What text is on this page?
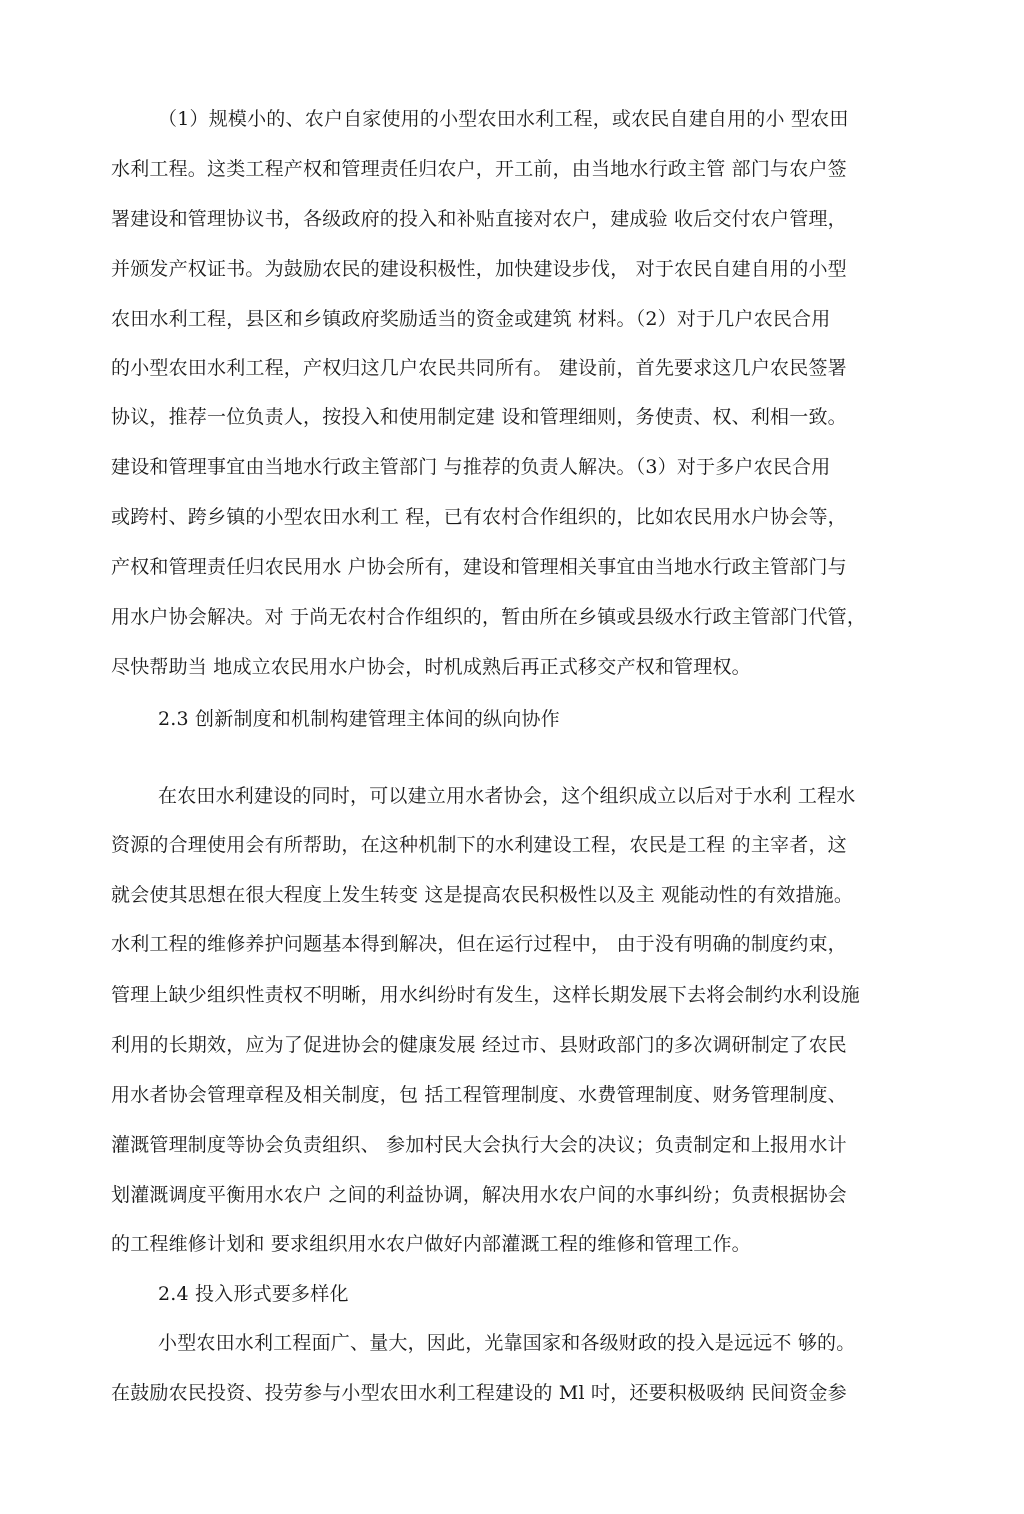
（1）规模小的、农户自家使用的小型农田水利工程，或农民自建自用的小 型农田
水利工程。这类工程产权和管理责任归农户，开工前，由当地水行政主管 部门与农户签
署建设和管理协议书，各级政府的投入和补贴直接对农户，建成验 收后交付农户管理，
并颁发产权证书。为鼓励农民的建设积极性，加快建设步伐， 对于农民自建自用的小型
农田水利工程，县区和乡镇政府奖励适当的资金或建筑 材料。（2）对于几户农民合用
的小型农田水利工程，产权归这几户农民共同所有。 建设前，首先要求这几户农民签署
协议，推荐一位负责人，按投入和使用制定建 设和管理细则，务使责、权、利相一致。
建设和管理事宜由当地水行政主管部门 与推荐的负责人解决。（3）对于多户农民合用
或跨村、跨乡镇的小型农田水利工 程，已有农村合作组织的，比如农民用水户协会等，
产权和管理责任归农民用水 户协会所有，建设和管理相关事宜由当地水行政主管部门与
用水户协会解决。对 于尚无农村合作组织的，暂由所在乡镇或县级水行政主管部门代管，
尽快帮助当 地成立农民用水户协会，时机成熟后再正式移交产权和管理权。
2.3 创新制度和机制构建管理主体间的纵向协作
在农田水利建设的同时，可以建立用水者协会，这个组织成立以后对于水利 工程水
资源的合理使用会有所帮助，在这种机制下的水利建设工程，农民是工程 的主宰者，这
就会使其思想在很大程度上发生转变 这是提高农民积极性以及主 观能动性的有效措施。
水利工程的维修养护问题基本得到解决，但在运行过程中， 由于没有明确的制度约束，
管理上缺少组织性责权不明晰，用水纠纷时有发生，这样长期发展下去将会制约水利设施
利用的长期效，应为了促进协会的健康发展 经过市、县财政部门的多次调研制定了农民
用水者协会管理章程及相关制度，包 括工程管理制度、水费管理制度、财务管理制度、
灌溉管理制度等协会负责组织、 参加村民大会执行大会的决议；负责制定和上报用水计
划灌溉调度平衡用水农户 之间的利益协调，解决用水农户间的水事纠纷；负责根据协会
的工程维修计划和 要求组织用水农户做好内部灌溉工程的维修和管理工作。
2.4 投入形式要多样化
小型农田水利工程面广、量大，因此，光靠国家和各级财政的投入是远远不 够的。
在鼓励农民投资、投劳参与小型农田水利工程建设的 Ml 吋，还要积极吸纳 民间资金参
